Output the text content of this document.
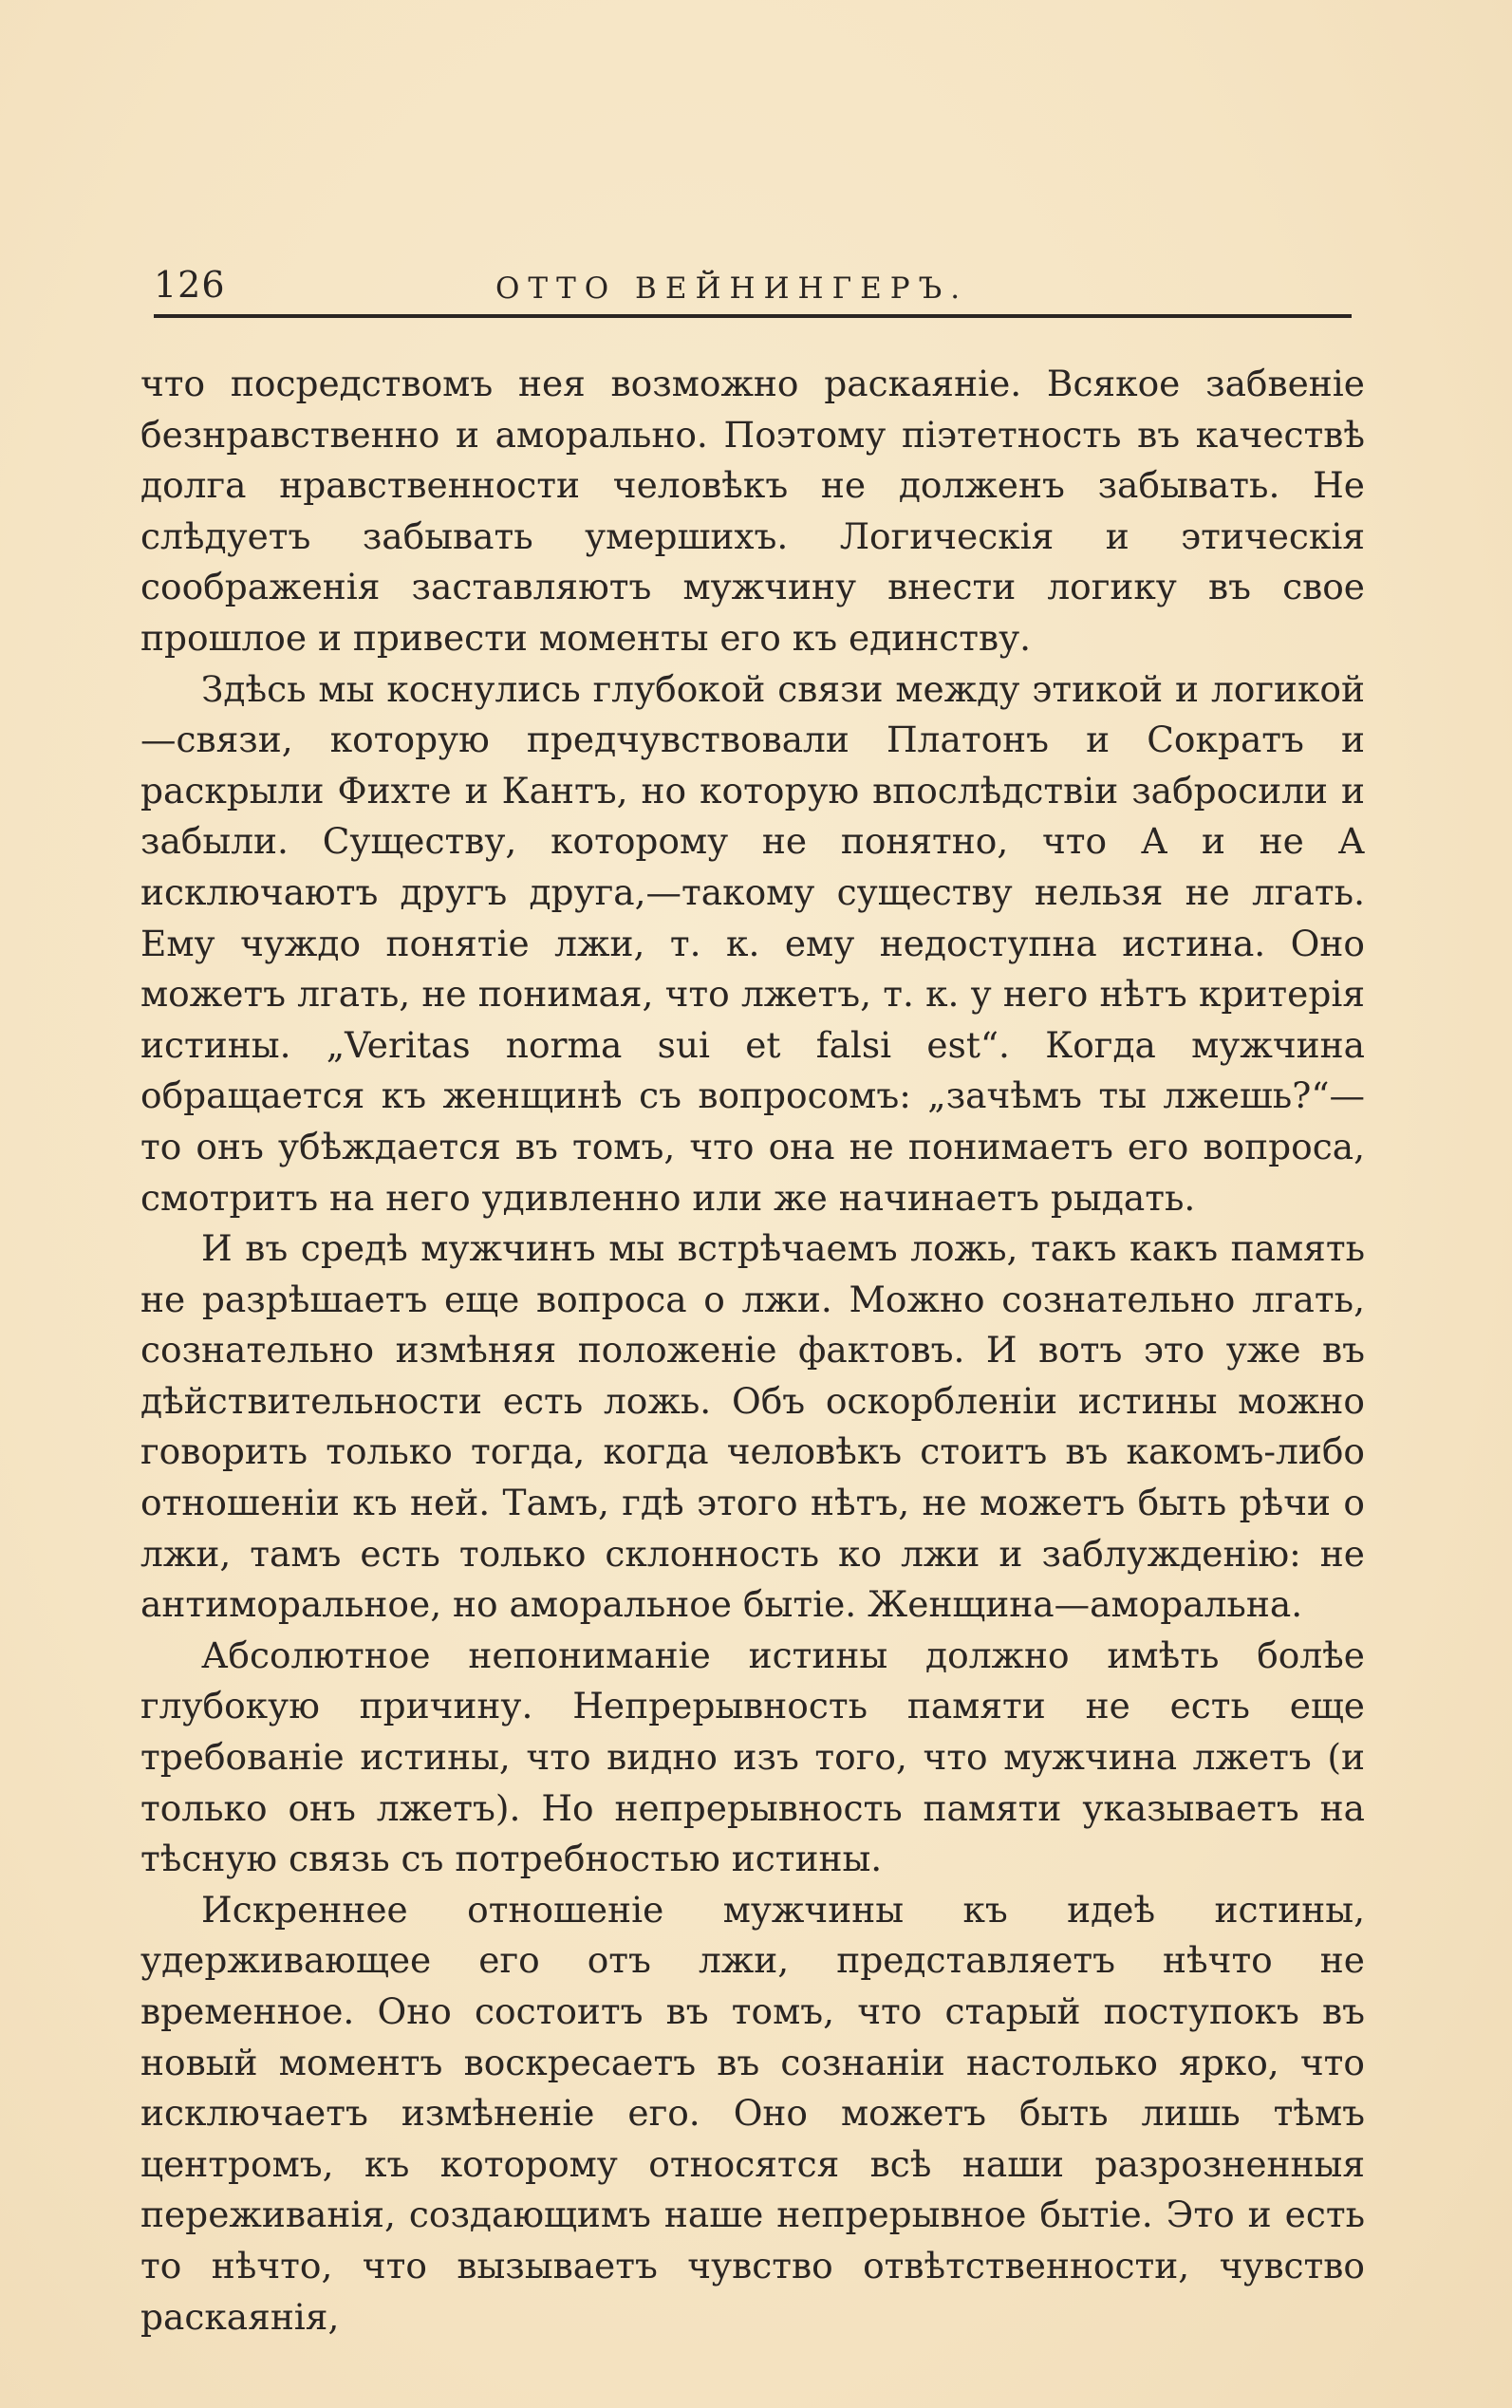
126	ОТТО ВЕЙНИНГЕРЪ.

что посредствомъ нея возможно раскаяніе. Всякое забвеніе безнравственно и аморально. Поэтому піэтетность въ качествѣ долга нравственности человѣкъ не долженъ забывать. Не слѣдуетъ забывать умершихъ. Логическія и этическія соображенія заставляютъ мужчину внести логику въ свое прошлое и привести моменты его къ единству.

Здѣсь мы коснулись глубокой связи между этикой и логикой—связи, которую предчувствовали Платонъ и Сократъ и раскрыли Фихте и Кантъ, но которую впослѣдствіи забросили и забыли. Существу, которому не понятно, что А и не А исключаютъ другъ друга,—такому существу нельзя не лгать. Ему чуждо понятіе лжи, т. к. ему недоступна истина. Оно можетъ лгать, не понимая, что лжетъ, т. к. у него нѣтъ критерія истины. „Veritas norma sui et falsi est“. Когда мужчина обращается къ женщинѣ съ вопросомъ: „зачѣмъ ты лжешь?“—то онъ убѣждается въ томъ, что она не понимаетъ его вопроса, смотритъ на него удивленно или же начинаетъ рыдать.

И въ средѣ мужчинъ мы встрѣчаемъ ложь, такъ какъ память не разрѣшаетъ еще вопроса о лжи. Можно сознательно лгать, сознательно измѣняя положеніе фактовъ. И вотъ это уже въ дѣйствительности есть ложь. Объ оскорбленіи истины можно говорить только тогда, когда человѣкъ стоитъ въ какомъ-либо отношеніи къ ней. Тамъ, гдѣ этого нѣтъ, не можетъ быть рѣчи о лжи, тамъ есть только склонность ко лжи и заблужденію: не антиморальное, но аморальное бытіе. Женщина—аморальна.

Абсолютное непониманіе истины должно имѣть болѣе глубокую причину. Непрерывность памяти не есть еще требованіе истины, что видно изъ того, что мужчина лжетъ (и только онъ лжетъ). Но непрерывность памяти указываетъ на тѣсную связь съ потребностью истины.

Искреннее отношеніе мужчины къ идеѣ истины, удерживающее его отъ лжи, представляетъ нѣчто не временное. Оно состоитъ въ томъ, что старый поступокъ въ новый моментъ воскресаетъ въ сознаніи настолько ярко, что исключаетъ измѣненіе его. Оно можетъ быть лишь тѣмъ центромъ, къ которому относятся всѣ наши разрозненныя переживанія, создающимъ наше непрерывное бытіе. Это и есть то нѣчто, что вызываетъ чувство отвѣтственности, чувство раскаянія,
